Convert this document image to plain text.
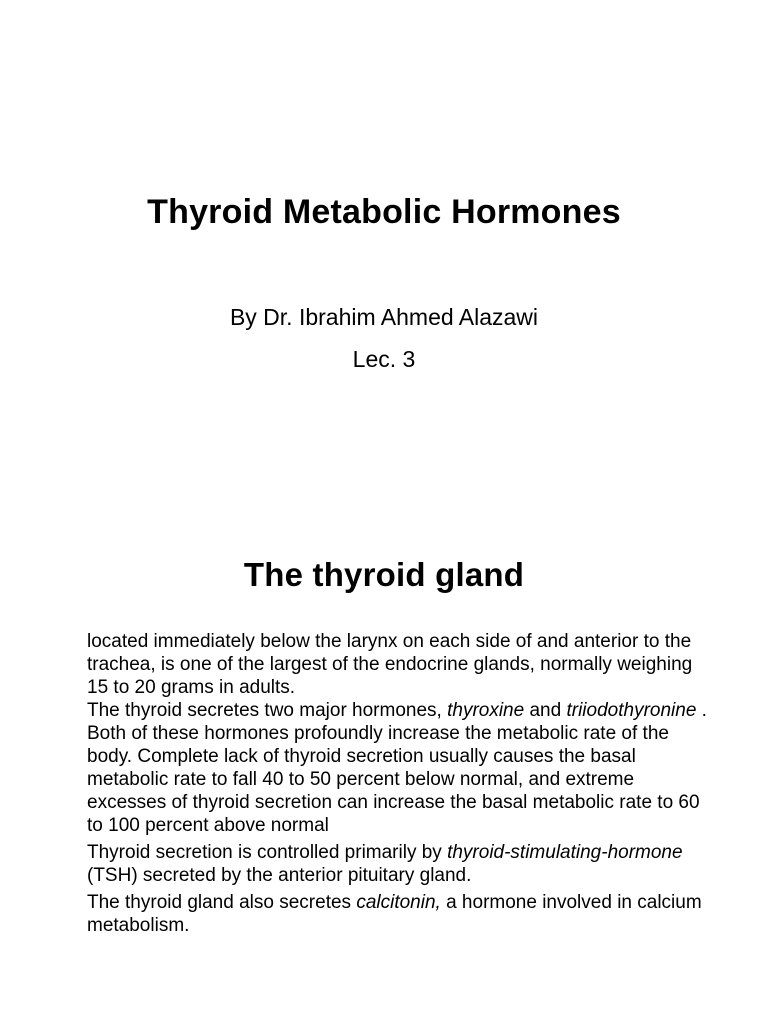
Thyroid Metabolic Hormones
By Dr. Ibrahim Ahmed Alazawi
Lec. 3
The thyroid gland

located immediately below the larynx on each side of and anterior to the trachea, is one of the largest of the endocrine glands, normally weighing 15 to 20 grams in adults.

The thyroid secretes two major hormones, thyroxine and triiodothyronine . Both of these hormones profoundly increase the metabolic rate of the body. Complete lack of thyroid secretion usually causes the basal metabolic rate to fall 40 to 50 percent below normal, and extreme excesses of thyroid secretion can increase the basal metabolic rate to 60 to 100 percent above normal

Thyroid secretion is controlled primarily by thyroid-stimulating-hormone (TSH) secreted by the anterior pituitary gland.

The thyroid gland also secretes calcitonin, a hormone involved in calcium metabolism.
